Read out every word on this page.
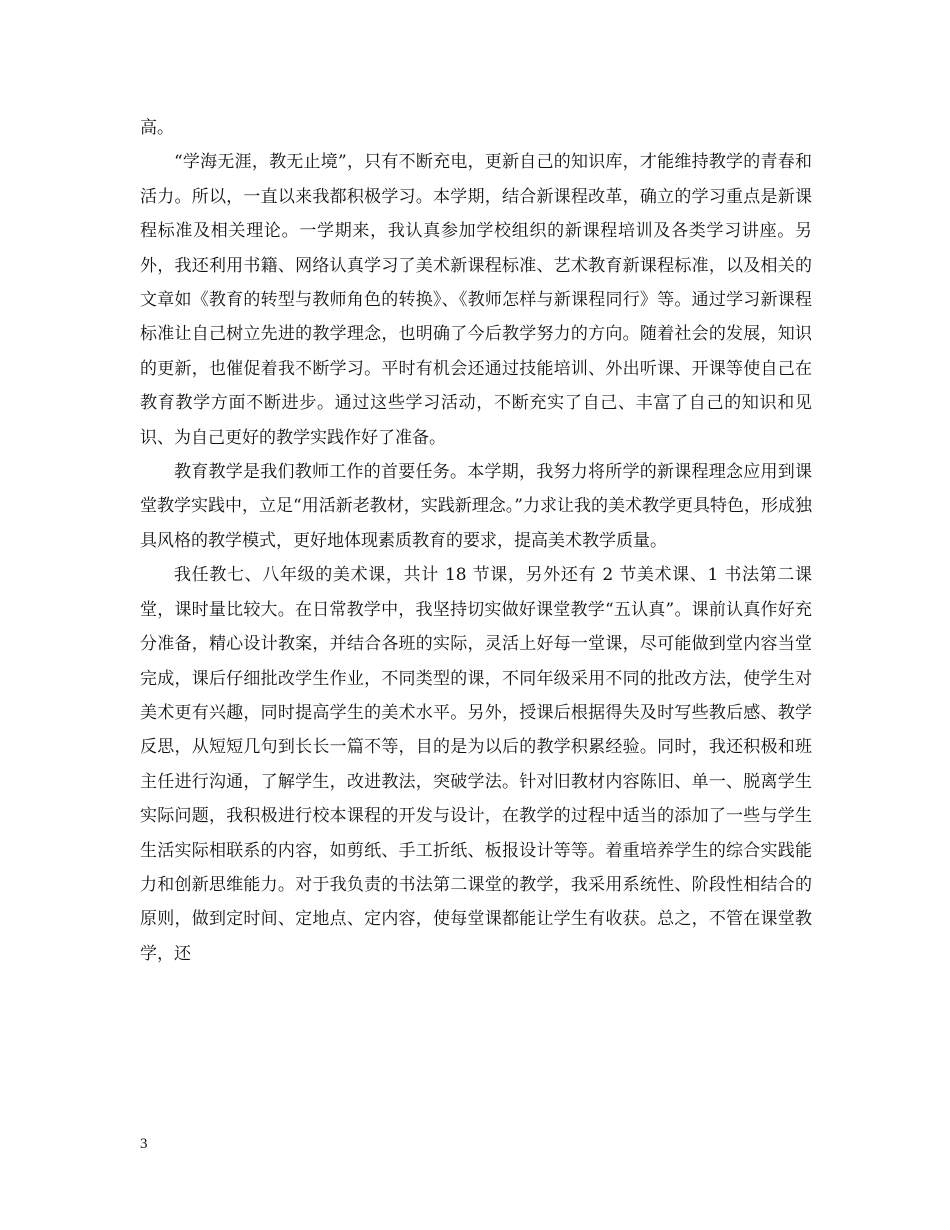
高。

“学海无涯，教无止境”，只有不断充电，更新自己的知识库，才能维持教学的青春和活力。所以，一直以来我都积极学习。本学期，结合新课程改革，确立的学习重点是新课程标准及相关理论。一学期来，我认真参加学校组织的新课程培训及各类学习讲座。另外，我还利用书籍、网络认真学习了美术新课程标准、艺术教育新课程标准，以及相关的文章如《教育的转型与教师角色的转换》、《教师怎样与新课程同行》等。通过学习新课程标准让自己树立先进的教学理念，也明确了今后教学努力的方向。随着社会的发展，知识的更新，也催促着我不断学习。平时有机会还通过技能培训、外出听课、开课等使自己在教育教学方面不断进步。通过这些学习活动，不断充实了自己、丰富了自己的知识和见识、为自己更好的教学实践作好了准备。

教育教学是我们教师工作的首要任务。本学期，我努力将所学的新课程理念应用到课堂教学实践中，立足“用活新老教材，实践新理念。”力求让我的美术教学更具特色，形成独具风格的教学模式，更好地体现素质教育的要求，提高美术教学质量。

我任教七、八年级的美术课，共计 18 节课，另外还有 2 节美术课、1 书法第二课堂，课时量比较大。在日常教学中，我坚持切实做好课堂教学“五认真”。课前认真作好充分准备，精心设计教案，并结合各班的实际，灵活上好每一堂课，尽可能做到堂内容当堂完成，课后仔细批改学生作业，不同类型的课，不同年级采用不同的批改方法，使学生对美术更有兴趣，同时提高学生的美术水平。另外，授课后根据得失及时写些教后感、教学反思，从短短几句到长长一篇不等，目的是为以后的教学积累经验。同时，我还积极和班主任进行沟通，了解学生，改进教法，突破学法。针对旧教材内容陈旧、单一、脱离学生实际问题，我积极进行校本课程的开发与设计，在教学的过程中适当的添加了一些与学生生活实际相联系的内容，如剪纸、手工折纸、板报设计等等。着重培养学生的综合实践能力和创新思维能力。对于我负责的书法第二课堂的教学，我采用系统性、阶段性相结合的原则，做到定时间、定地点、定内容，使每堂课都能让学生有收获。总之，不管在课堂教学，还

3
